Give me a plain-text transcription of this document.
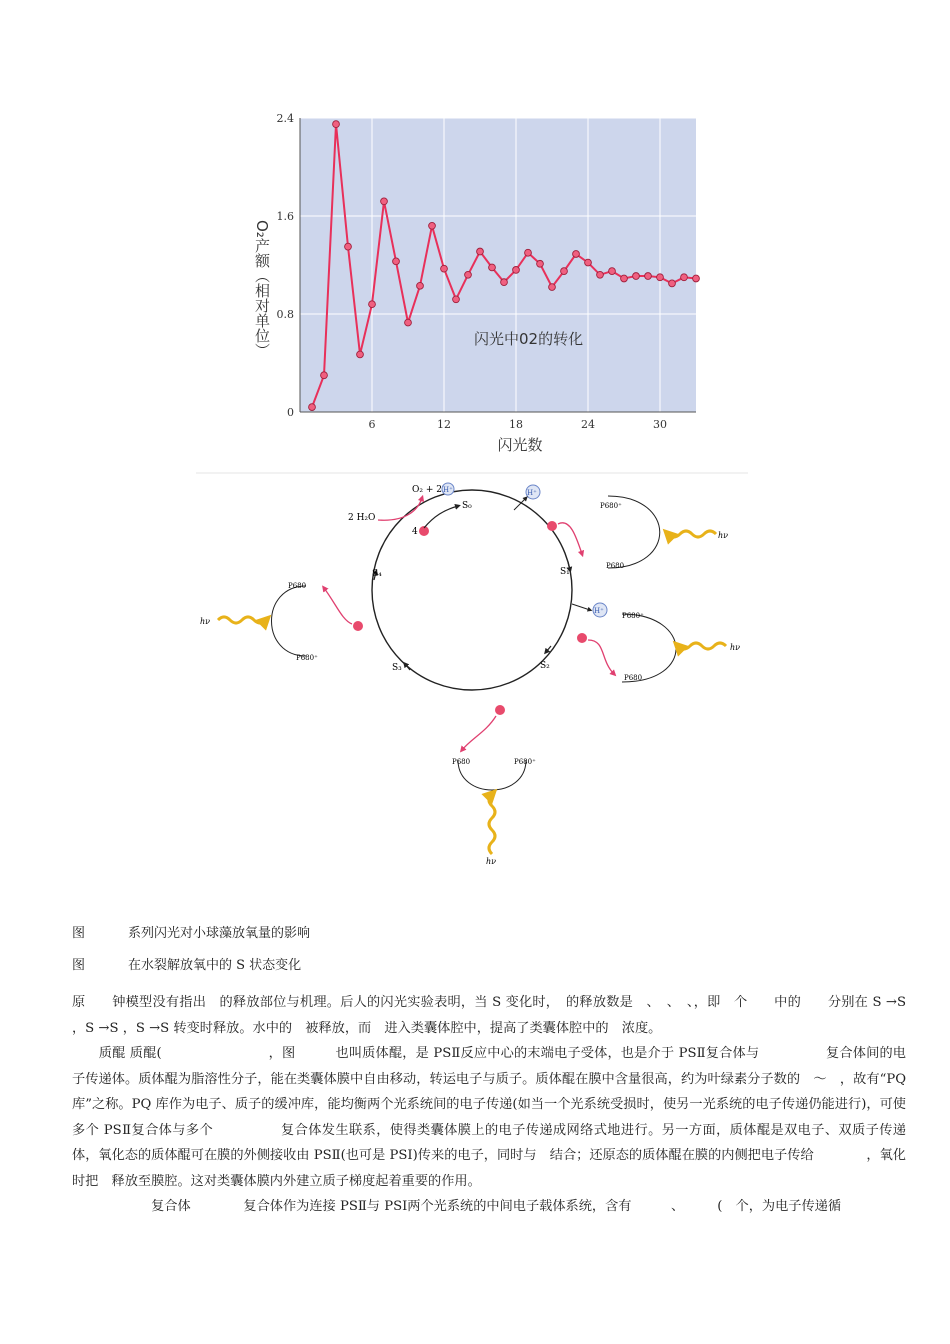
0
0.8
1.6
2.4
6	12	18	24	30
闪光中02的转化
闪光数
O₂产额（相对单位）
S₀
S₁
S₂
S₃
S₄
2 H₂O
O₂ + 2 H⁺
4
H⁺
P680⁺
P680
hν
H⁺
P680⁺
P680
hν
P680	P680⁺
hν
P680
P680⁺
hν
图	系列闪光对小球藻放氧量的影响
图	在水裂解放氧中的 S 状态变化

原　　钟模型没有指出　的释放部位与机理。后人的闪光实验表明，当 S 变化时，　的释放数是　、　、　、，即　个　　中的　　分别在 S →S ，S →S ，S →S 转变时释放。水中的　被释放，而　进入类囊体腔中，提高了类囊体腔中的　浓度。

　　质醌 质醌(　　　　　　　　，图　　　也叫质体醌，是 PSⅡ反应中心的末端电子受体，也是介于 PSⅡ复合体与　　　　　复合体间的电子传递体。质体醌为脂溶性分子，能在类囊体膜中自由移动，转运电子与质子。质体醌在膜中含量很高，约为叶绿素分子数的　～　，故有“PQ 库”之称。PQ 库作为电子、质子的缓冲库，能均衡两个光系统间的电子传递(如当一个光系统受损时，使另一光系统的电子传递仍能进行)，可使多个 PSⅡ复合体与多个　　　　　复合体发生联系，使得类囊体膜上的电子传递成网络式地进行。另一方面，质体醌是双电子、双质子传递体，氧化态的质体醌可在膜的外侧接收由 PSⅡ(也可是 PSⅠ)传来的电子，同时与　结合；还原态的质体醌在膜的内侧把电子传给　　　　，氧化时把　释放至膜腔。这对类囊体膜内外建立质子梯度起着重要的作用。

　　　　　　复合体　　　　复合体作为连接 PSⅡ与 PSⅠ两个光系统的中间电子载体系统，含有　　　、　　　(　个，为电子传递循
